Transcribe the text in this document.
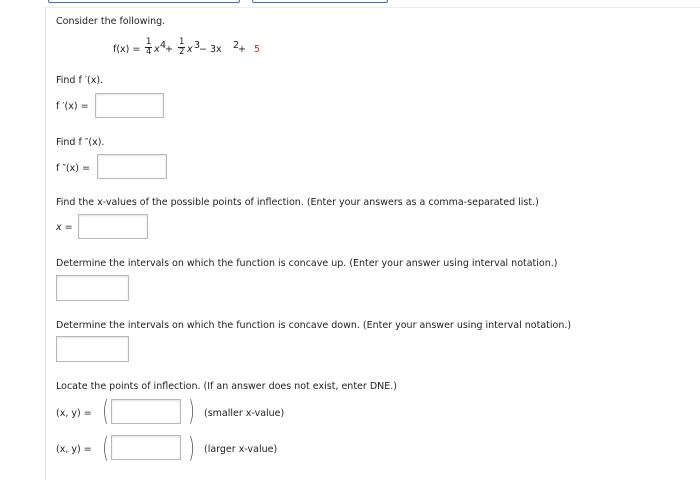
Consider the following.
$f(x) = \frac{1}{4}$ x 4
+ $\frac{1}{2}$ x 3
− 3x 2
+ 5
Find f ′(x).
f ′(x) =
Find f ″(x).
f ″(x) =
Find the x-values of the possible points of inflection. (Enter your answers as a comma-separated list.)
x =
Determine the intervals on which the function is concave up. (Enter your answer using interval notation.)
Determine the intervals on which the function is concave down. (Enter your answer using interval notation.)
Locate the points of inflection. (If an answer does not exist, enter DNE.)
(x, y) = (	) (smaller x-value)
(x, y) = (	) (larger x-value)
